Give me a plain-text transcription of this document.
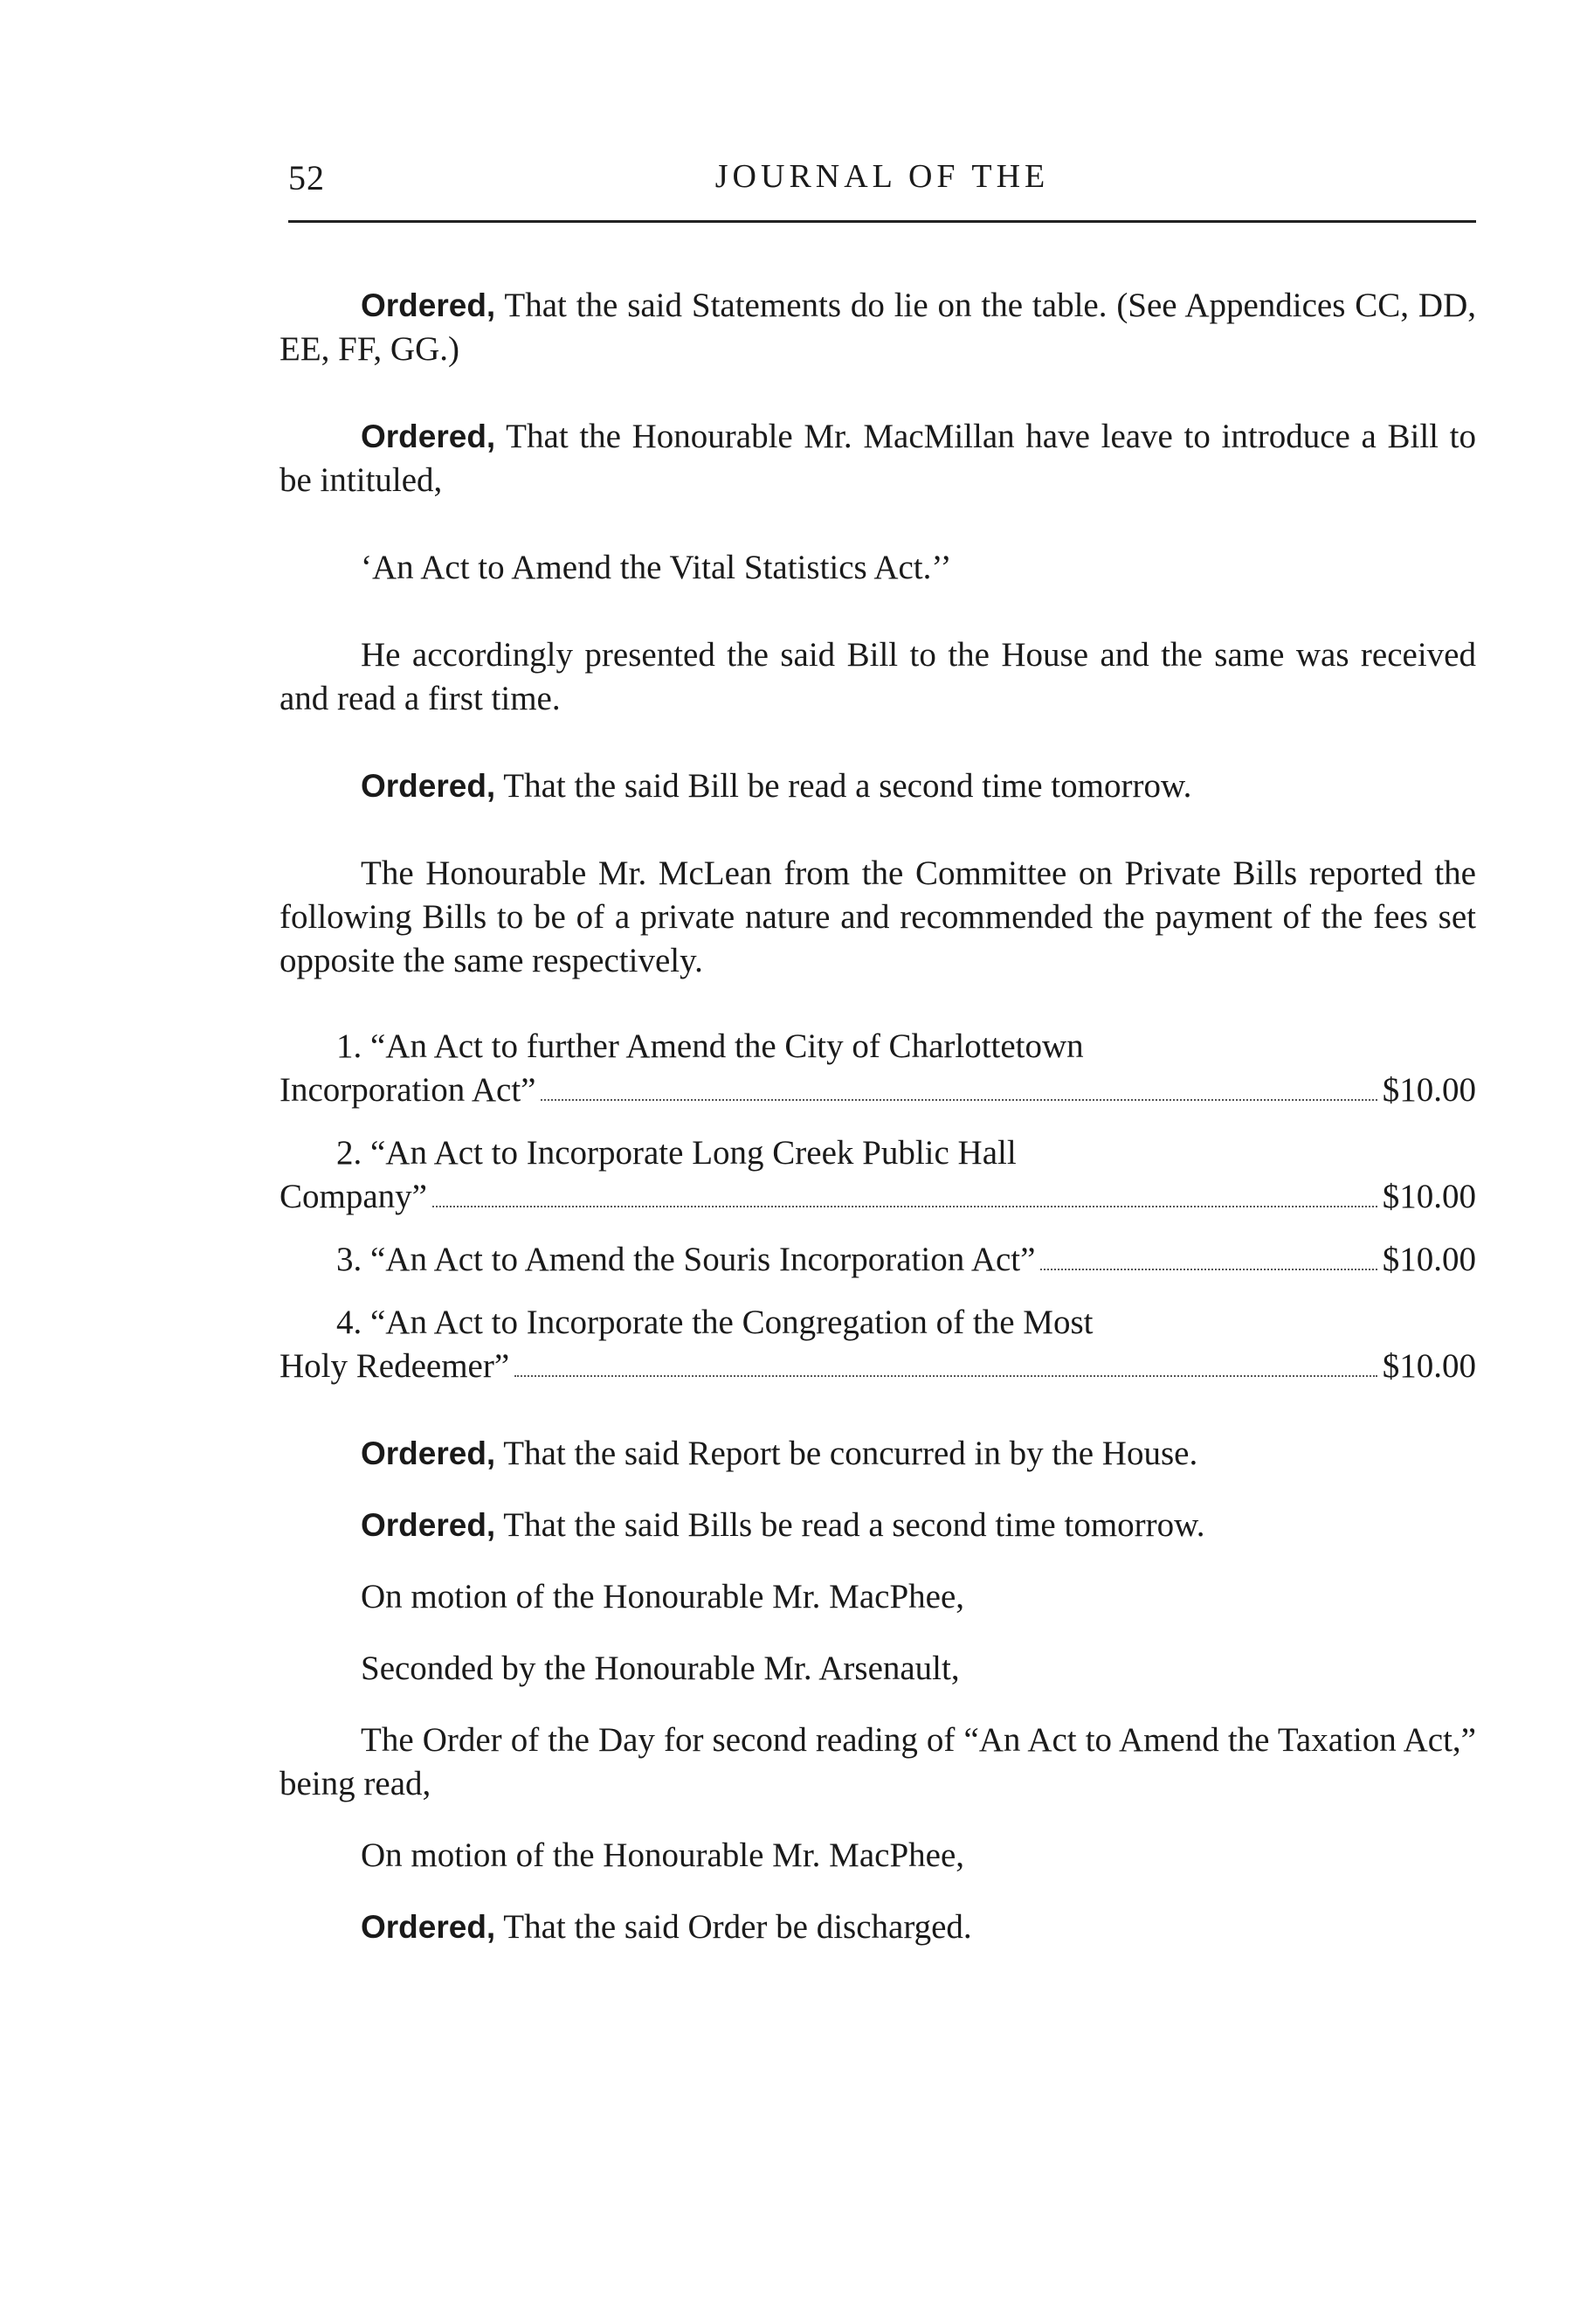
52	JOURNAL OF THE

Ordered, That the said Statements do lie on the table. (See Appendices CC, DD, EE, FF, GG.)

Ordered, That the Honourable Mr. MacMillan have leave to introduce a Bill to be intituled,

‘An Act to Amend the Vital Statistics Act.’’

He accordingly presented the said Bill to the House and the same was received and read a first time.

Ordered, That the said Bill be read a second time tomorrow.

The Honourable Mr. McLean from the Committee on Private Bills reported the following Bills to be of a private nature and recommended the payment of the fees set opposite the same respectively.

1. “An Act to further Amend the City of Charlottetown

Incorporation Act”	$10.00

2. “An Act to Incorporate Long Creek Public Hall

Company”	$10.00
3. “An Act to Amend the Souris Incorporation Act”	$10.00

4. “An Act to Incorporate the Congregation of the Most

Holy Redeemer”	$10.00

Ordered, That the said Report be concurred in by the House.

Ordered, That the said Bills be read a second time tomorrow.

On motion of the Honourable Mr. MacPhee,

Seconded by the Honourable Mr. Arsenault,

The Order of the Day for second reading of “An Act to Amend the Taxation Act,” being read,

On motion of the Honourable Mr. MacPhee,

Ordered, That the said Order be discharged.
